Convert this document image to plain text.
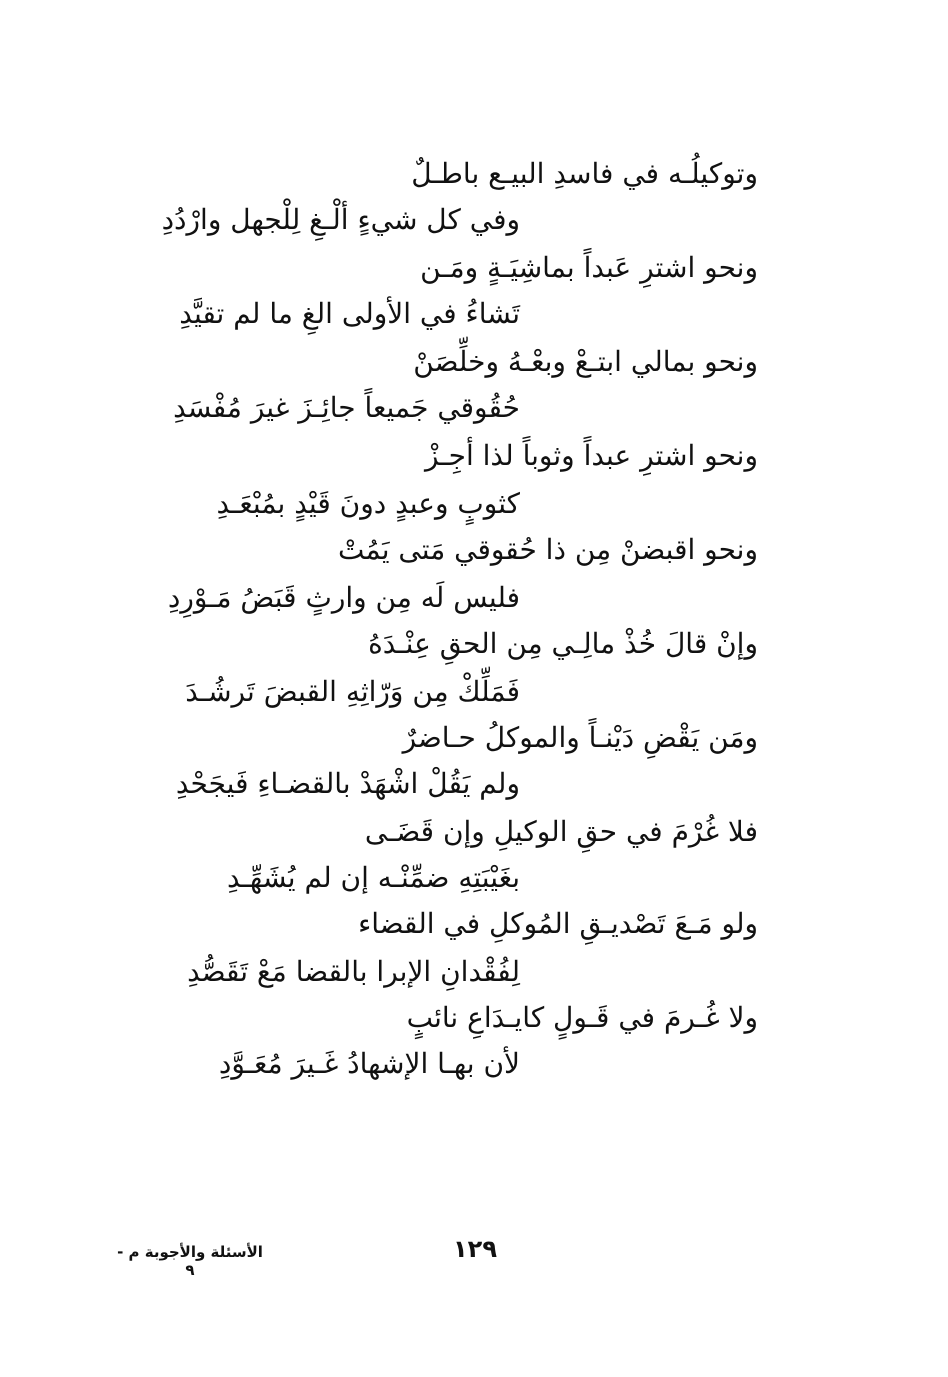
وتوكيلُـه في فاسدِ البيـع باطـلٌ
وفي كل شيءٍ ألْـغِ لِلْجهل وارْدُدِ
ونحو اشترِ عَبداً بماشِيَـةٍ ومَـن
تَشاءُ في الأولى الغِ ما لم تقيَّدِ
ونحو بمالي ابتـعْ وبعْـهُ وخلِّصَنْ
حُقُوقي جَميعاً جائِـزَ غيرَ مُفْسَدِ
ونحو اشترِ عبداً وثوباً لذا أجِـزْ
كثوبٍ وعبدٍ دونَ قَيْدٍ بمُبْعَـدِ
ونحو اقبضنْ مِن ذا حُقوقي مَتى يَمُتْ
فليس لَه مِن وارثٍ قَبَضُ مَـوْرِدِ
وإنْ قالَ خُذْ مالِـي مِن الحقِ عِنْـدَهُ
فَمَلِّكْ مِن وَرّاثِهِ القبضَ تَرشُـدَ
ومَن يَقْضِ دَيْنـاً والموكلُ حـاضرٌ
ولم يَقُلْ اشْهَدْ بالقضـاءِ فَيجَحْدِ
فلا غُرْمَ في حقِ الوكيلِ وإن قَضَـى
بغَيْبَتِهِ ضمِّنْـه إن لم يُشَهِّـدِ
ولو مَـعَ تَصْديـقِ المُوكلِ في القضاء
لِفُقْدانِ الإبرا بالقضا مَعْ تَقَصُّدِ
ولا غُـرمَ في قَـولٍ كايـدَاعِ نائبٍ
لأن بهـا الإشهادُ غَـيرَ مُعَـوَّدِ
١٢٩
الأسئلة والأجوبة م - ٩
